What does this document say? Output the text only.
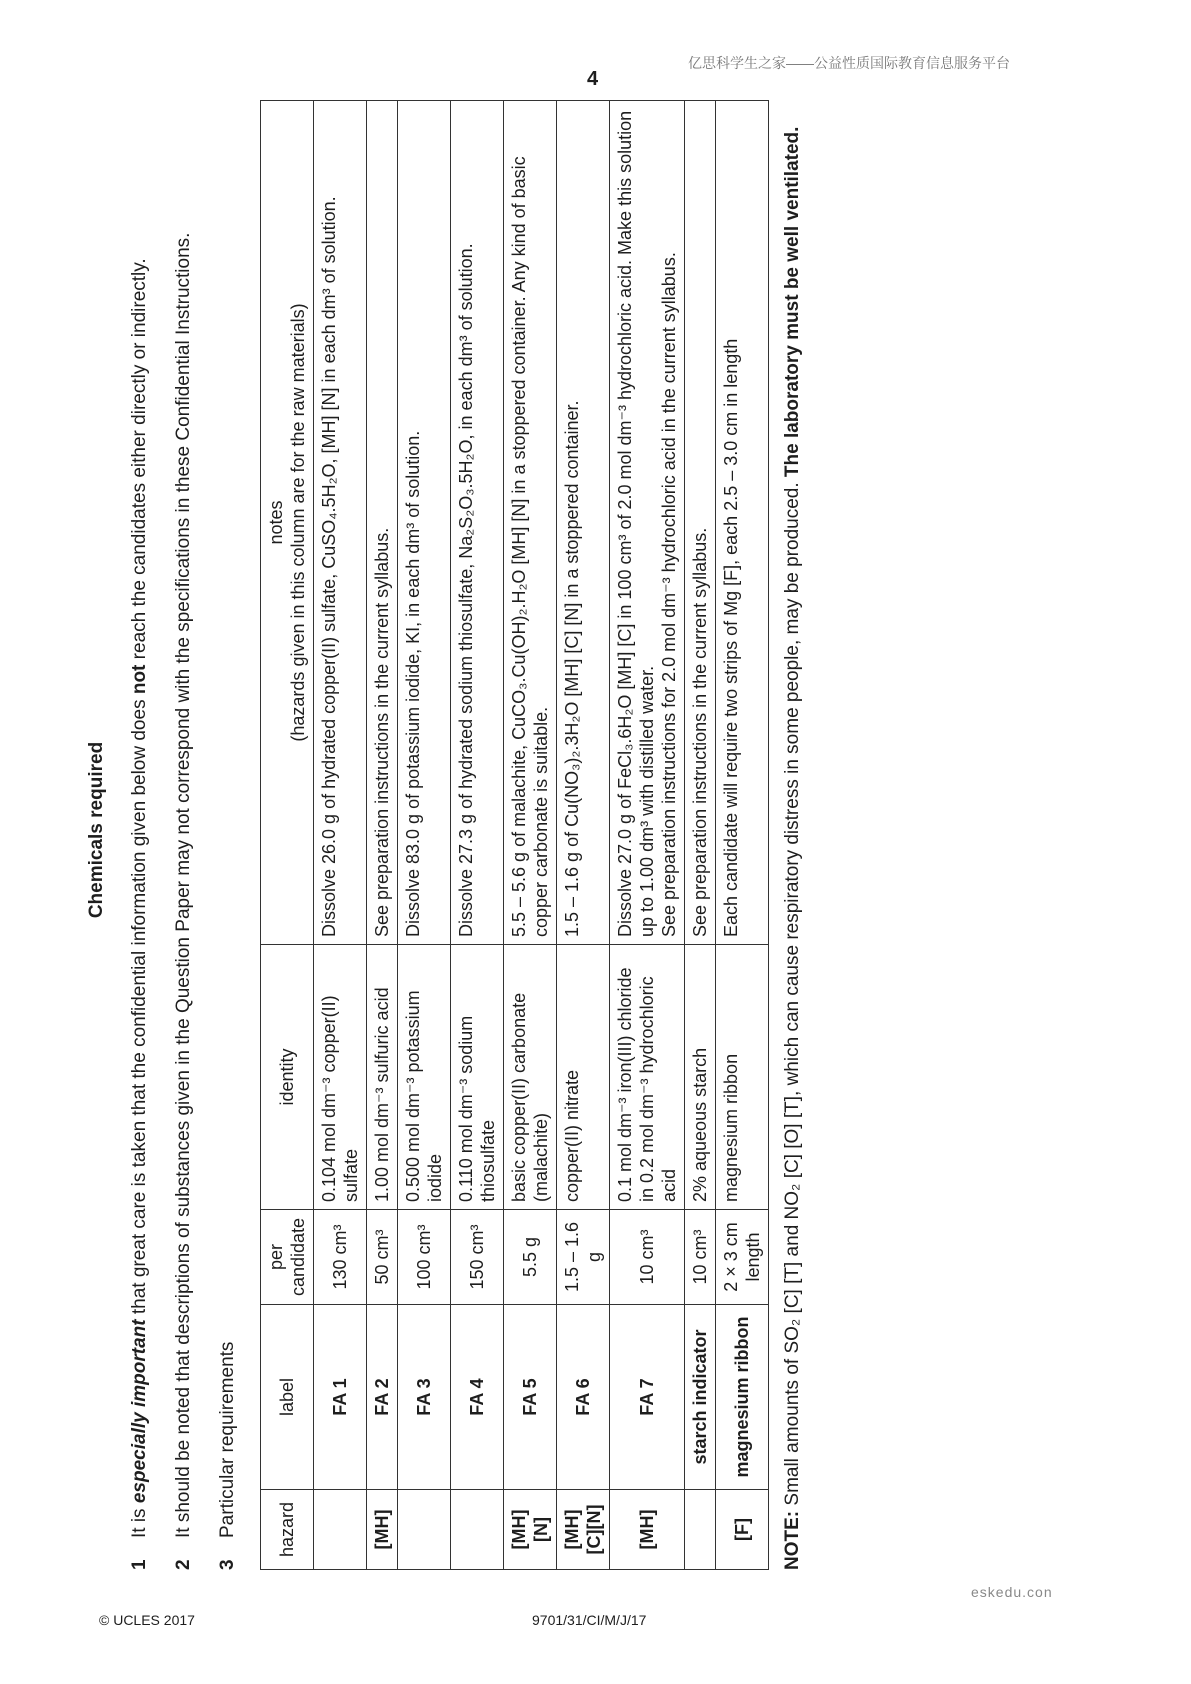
亿思科学生之家——公益性质国际教育信息服务平台
4
Chemicals required
1
It is especially important that great care is taken that the confidential information given below does not reach the candidates either directly or indirectly.
2
It should be noted that descriptions of substances given in the Question Paper may not correspond with the specifications in these Confidential Instructions.
3
Particular requirements hazard	label	per candidate	identity	notes (hazards given in this column are for the raw materials)

	FA 1	130 cm³	0.104 mol dm⁻³ copper(II) sulfate	Dissolve 26.0 g of hydrated copper(II) sulfate, CuSO₄.5H₂O, [MH] [N] in each dm³ of solution.
[MH]	FA 2	50 cm³	1.00 mol dm⁻³ sulfuric acid	See preparation instructions in the current syllabus.
	FA 3	100 cm³	0.500 mol dm⁻³ potassium iodide	Dissolve 83.0 g of potassium iodide, KI, in each dm³ of solution.
	FA 4	150 cm³	0.110 mol dm⁻³ sodium thiosulfate	Dissolve 27.3 g of hydrated sodium thiosulfate, Na₂S₂O₃.5H₂O, in each dm³ of solution.
[MH] [N]	FA 5	5.5 g	basic copper(II) carbonate (malachite)	5.5 – 5.6 g of malachite, CuCO₃.Cu(OH)₂.H₂O [MH] [N] in a stoppered container. Any kind of basic copper carbonate is suitable.
[MH] [C][N]	FA 6	1.5 – 1.6 g	copper(II) nitrate	1.5 – 1.6 g of Cu(NO₃)₂.3H₂O [MH] [C] [N] in a stoppered container.
[MH]	FA 7	10 cm³	0.1 mol dm⁻³ iron(III) chloride in 0.2 mol dm⁻³ hydrochloric acid	Dissolve 27.0 g of FeCl₃.6H₂O [MH] [C] in 100 cm³ of 2.0 mol dm⁻³ hydrochloric acid. Make this solution up to 1.00 dm³ with distilled water. See preparation instructions for 2.0 mol dm⁻³ hydrochloric acid in the current syllabus.

	starch indicator	10 cm³	2% aqueous starch	See preparation instructions in the current syllabus.
[F]	magnesium ribbon	2 × 3 cm length	magnesium ribbon	Each candidate will require two strips of Mg [F], each 2.5 – 3.0 cm in length
NOTE: Small amounts of SO₂ [C] [T] and NO₂ [C] [O] [T], which can cause respiratory distress in some people, may be produced. The laboratory must be well ventilated.
eskedu.con
© UCLES 2017	9701/31/CI/M/J/17
